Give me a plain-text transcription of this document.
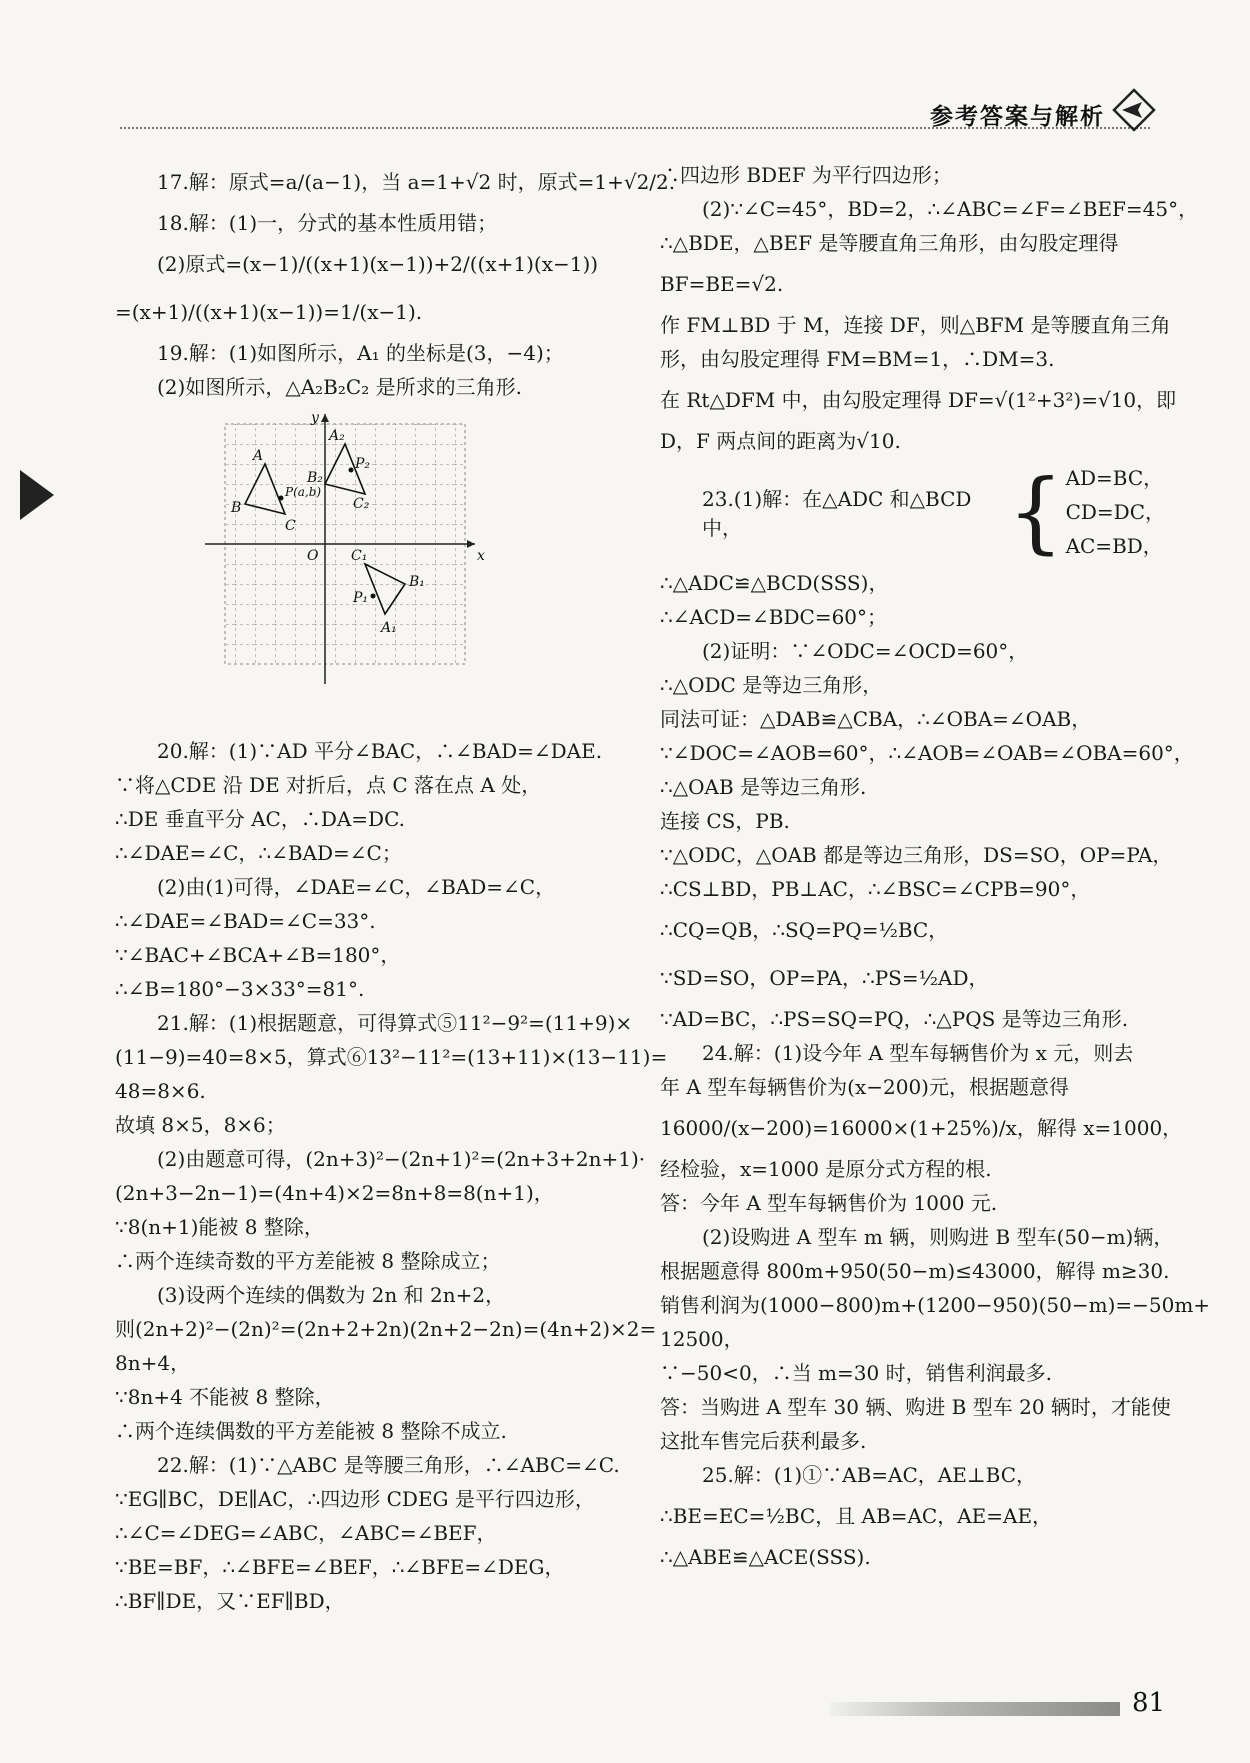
参考答案与解析
17.解：原式=a/(a−1)，当 a=1+√2 时，原式=1+√2/2.
18.解：(1)一，分式的基本性质用错；
(2)原式=(x−1)/((x+1)(x−1))+2/((x+1)(x−1))
=(x+1)/((x+1)(x−1))=1/(x−1).
19.解：(1)如图所示，A₁ 的坐标是(3，−4)；
(2)如图所示，△A₂B₂C₂ 是所求的三角形.
A
B
C
A₂
B₂
C₂
P₂
P(a,b)
O	x
y
C₁
B₁
A₁
P₁
20.解：(1)∵AD 平分∠BAC，∴∠BAD=∠DAE.
∵将△CDE 沿 DE 对折后，点 C 落在点 A 处，
∴DE 垂直平分 AC，∴DA=DC.
∴∠DAE=∠C，∴∠BAD=∠C；
(2)由(1)可得，∠DAE=∠C，∠BAD=∠C，
∴∠DAE=∠BAD=∠C=33°.
∵∠BAC+∠BCA+∠B=180°，
∴∠B=180°−3×33°=81°.
21.解：(1)根据题意，可得算式⑤11²−9²=(11+9)×
(11−9)=40=8×5，算式⑥13²−11²=(13+11)×(13−11)=
48=8×6.
故填 8×5，8×6；
(2)由题意可得，(2n+3)²−(2n+1)²=(2n+3+2n+1)·
(2n+3−2n−1)=(4n+4)×2=8n+8=8(n+1)，
∵8(n+1)能被 8 整除，
∴两个连续奇数的平方差能被 8 整除成立；
(3)设两个连续的偶数为 2n 和 2n+2，
则(2n+2)²−(2n)²=(2n+2+2n)(2n+2−2n)=(4n+2)×2=
8n+4，
∵8n+4 不能被 8 整除，
∴两个连续偶数的平方差能被 8 整除不成立.
22.解：(1)∵△ABC 是等腰三角形，∴∠ABC=∠C.
∵EG∥BC，DE∥AC，∴四边形 CDEG 是平行四边形，
∴∠C=∠DEG=∠ABC，∠ABC=∠BEF，
∵BE=BF，∴∠BFE=∠BEF，∴∠BFE=∠DEG，
∴BF∥DE，又∵EF∥BD，
∴四边形 BDEF 为平行四边形；
(2)∵∠C=45°，BD=2，∴∠ABC=∠F=∠BEF=45°，
∴△BDE，△BEF 是等腰直角三角形，由勾股定理得
BF=BE=√2.
作 FM⊥BD 于 M，连接 DF，则△BFM 是等腰直角三角
形，由勾股定理得 FM=BM=1，∴DM=3.
在 Rt△DFM 中，由勾股定理得 DF=√(1²+3²)=√10，即
D，F 两点间的距离为√10.
23.(1)解：在△ADC 和△BCD 中，	{ AD=BC，
CD=DC，
AC=BD，
∴△ADC≌△BCD(SSS)，
∴∠ACD=∠BDC=60°；
(2)证明：∵∠ODC=∠OCD=60°，
∴△ODC 是等边三角形，
同法可证：△DAB≌△CBA，∴∠OBA=∠OAB，
∵∠DOC=∠AOB=60°，∴∠AOB=∠OAB=∠OBA=60°，
∴△OAB 是等边三角形.
连接 CS，PB.
∵△ODC，△OAB 都是等边三角形，DS=SO，OP=PA，
∴CS⊥BD，PB⊥AC，∴∠BSC=∠CPB=90°，
∴CQ=QB，∴SQ=PQ=½BC，
∵SD=SO，OP=PA，∴PS=½AD，
∵AD=BC，∴PS=SQ=PQ，∴△PQS 是等边三角形.
24.解：(1)设今年 A 型车每辆售价为 x 元，则去
年 A 型车每辆售价为(x−200)元，根据题意得
16000/(x−200)=16000×(1+25%)/x，解得 x=1000，
经检验，x=1000 是原分式方程的根.
答：今年 A 型车每辆售价为 1000 元.
(2)设购进 A 型车 m 辆，则购进 B 型车(50−m)辆，
根据题意得 800m+950(50−m)≤43000，解得 m≥30.
销售利润为(1000−800)m+(1200−950)(50−m)=−50m+
12500，
∵−50<0，∴当 m=30 时，销售利润最多.
答：当购进 A 型车 30 辆、购进 B 型车 20 辆时，才能使
这批车售完后获利最多.
25.解：(1)①∵AB=AC，AE⊥BC，
∴BE=EC=½BC，且 AB=AC，AE=AE，
∴△ABE≌△ACE(SSS).
81
